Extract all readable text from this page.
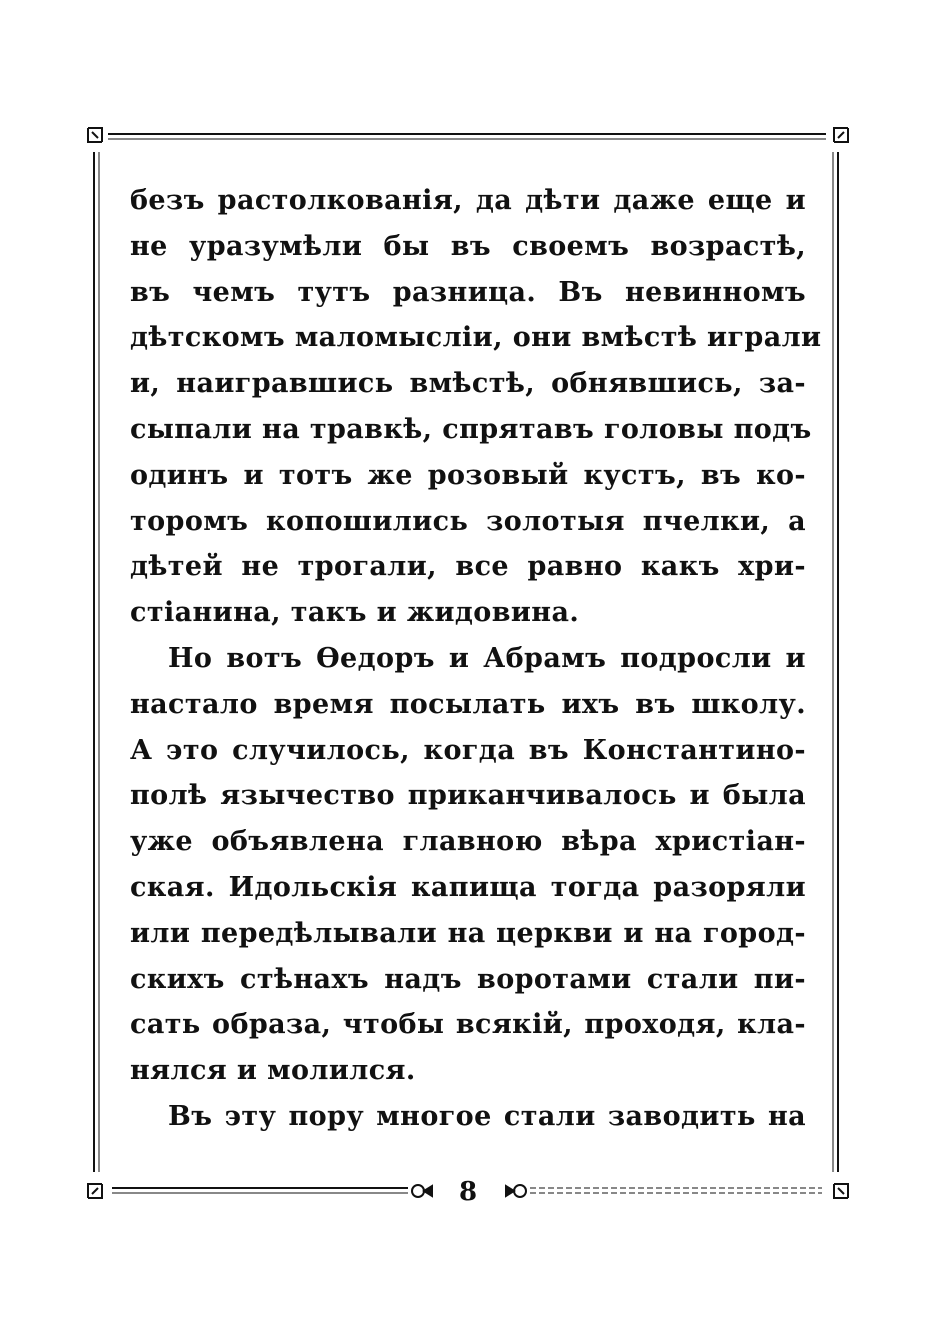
безъ растолкованія, да дѣти даже еще и
не уразумѣли бы въ своемъ возрастѣ,
въ чемъ тутъ разница. Въ невинномъ
дѣтскомъ маломысліи, они вмѣстѣ играли
и, наигравшись вмѣстѣ, обнявшись, за-
сыпали на травкѣ, спрятавъ головы подъ
одинъ и тотъ же розовый кустъ, въ ко-
торомъ копошились золотыя пчелки, а
дѣтей не трогали, все равно какъ хри-
стіанина, такъ и жидовина.
Но вотъ Ѳедоръ и Абрамъ подросли и
настало время посылать ихъ въ школу.
А это случилось, когда въ Константино-
полѣ язычество приканчивалось и была
уже объявлена главною вѣра христіан-
ская. Идольскія капища тогда разоряли
или передѣлывали на церкви и на город-
скихъ стѣнахъ надъ воротами стали пи-
сать образа, чтобы всякій, проходя, кла-
нялся и молился.
Въ эту пору многое стали заводить на
8
